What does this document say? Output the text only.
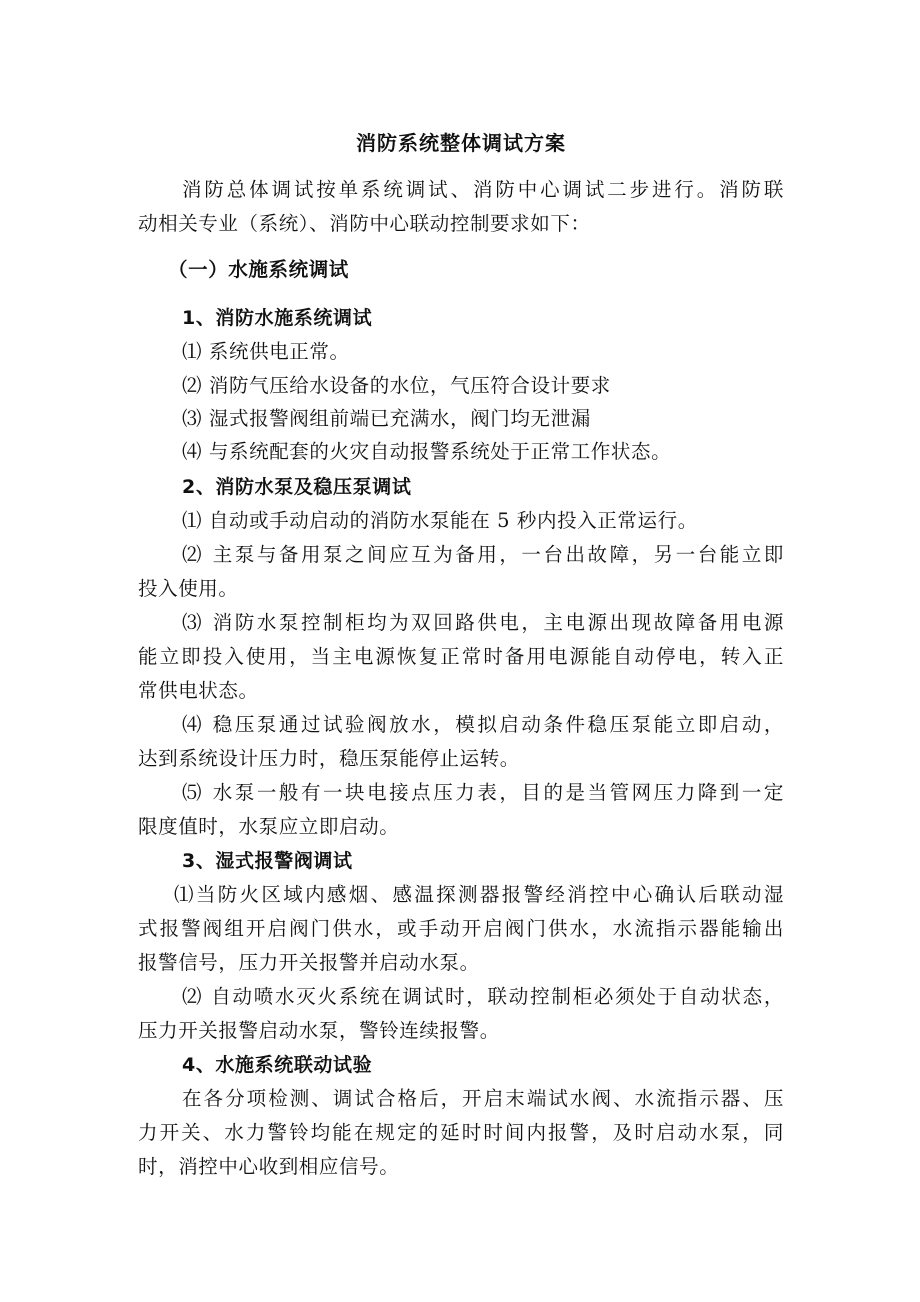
消防系统整体调试方案
消防总体调试按单系统调试、消防中心调试二步进行。消防联
动相关专业（系统）、消防中心联动控制要求如下：
（一）水施系统调试
1、消防水施系统调试
⑴ 系统供电正常。
⑵ 消防气压给水设备的水位，气压符合设计要求
⑶ 湿式报警阀组前端已充满水，阀门均无泄漏
⑷ 与系统配套的火灾自动报警系统处于正常工作状态。
2、消防水泵及稳压泵调试
⑴ 自动或手动启动的消防水泵能在 5 秒内投入正常运行。
⑵ 主泵与备用泵之间应互为备用，一台出故障，另一台能立即
投入使用。
⑶ 消防水泵控制柜均为双回路供电，主电源出现故障备用电源
能立即投入使用，当主电源恢复正常时备用电源能自动停电，转入正
常供电状态。
⑷ 稳压泵通过试验阀放水，模拟启动条件稳压泵能立即启动，
达到系统设计压力时，稳压泵能停止运转。
⑸ 水泵一般有一块电接点压力表，目的是当管网压力降到一定
限度值时，水泵应立即启动。
3、湿式报警阀调试
⑴当防火区域内感烟、感温探测器报警经消控中心确认后联动湿
式报警阀组开启阀门供水，或手动开启阀门供水，水流指示器能输出
报警信号，压力开关报警并启动水泵。
⑵ 自动喷水灭火系统在调试时，联动控制柜必须处于自动状态，
压力开关报警启动水泵，警铃连续报警。
4、水施系统联动试验
在各分项检测、调试合格后，开启末端试水阀、水流指示器、压
力开关、水力警铃均能在规定的延时时间内报警，及时启动水泵，同
时，消控中心收到相应信号。
